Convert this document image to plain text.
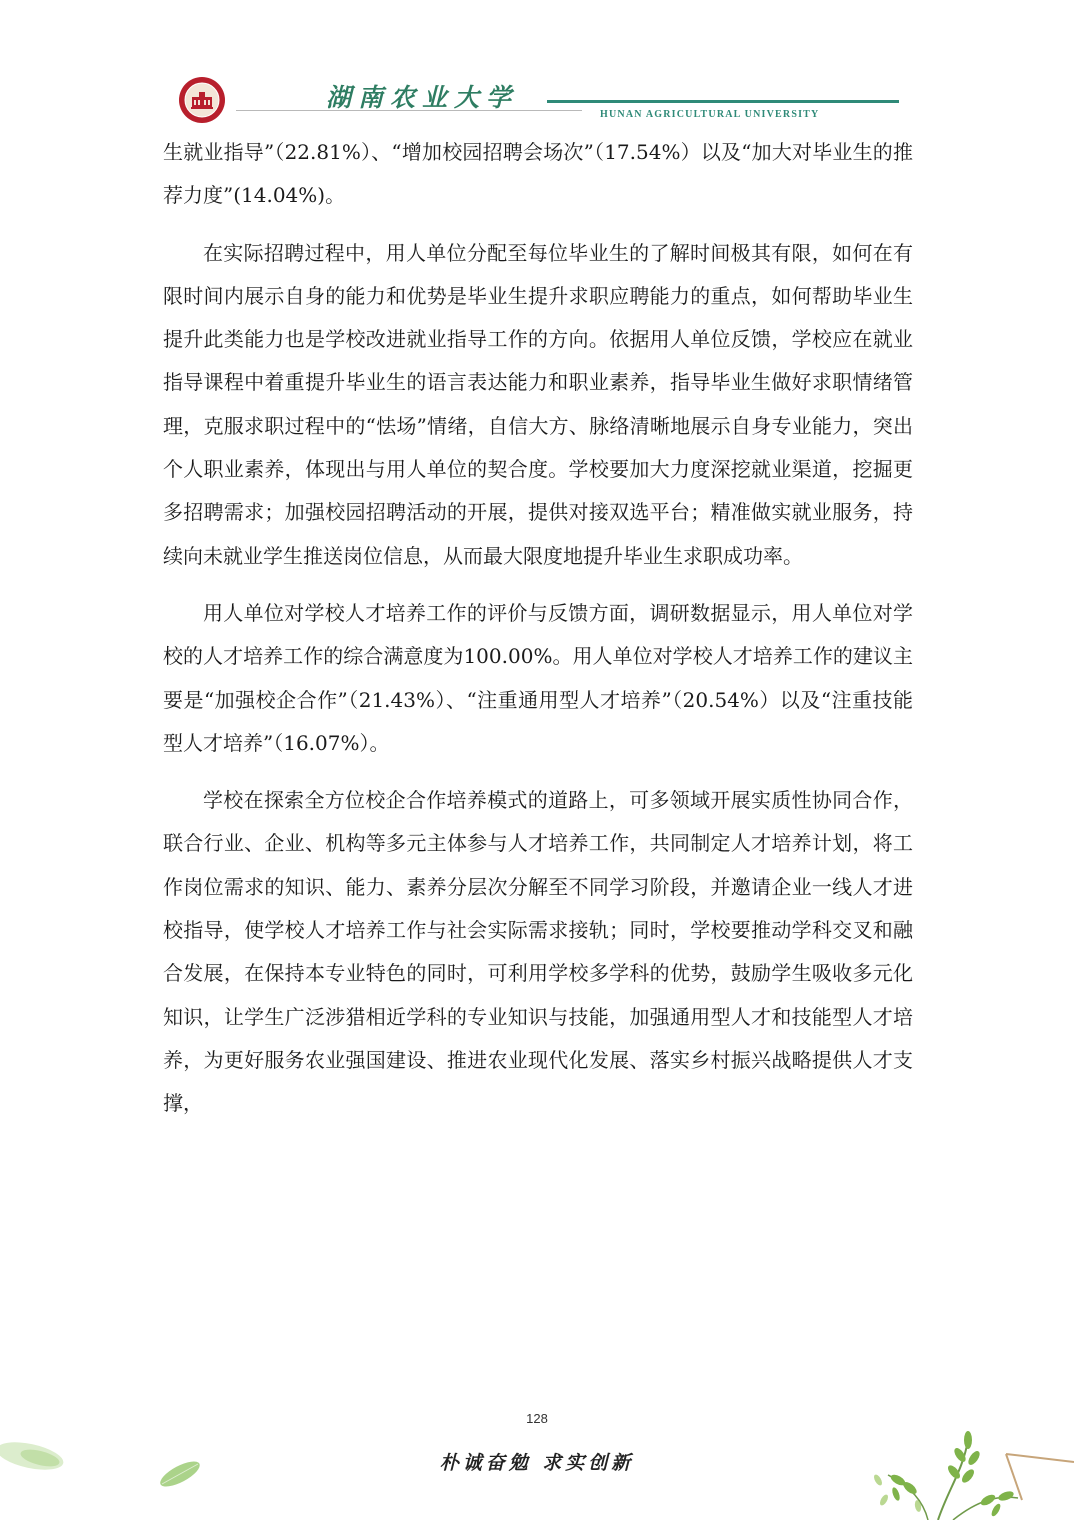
湖南农业大学
HUNAN AGRICULTURAL UNIVERSITY

生就业指导”（22.81%）、“增加校园招聘会场次”（17.54%）以及“加大对毕业生的推荐力度”(14.04%)。

在实际招聘过程中，用人单位分配至每位毕业生的了解时间极其有限，如何在有限时间内展示自身的能力和优势是毕业生提升求职应聘能力的重点，如何帮助毕业生提升此类能力也是学校改进就业指导工作的方向。依据用人单位反馈，学校应在就业指导课程中着重提升毕业生的语言表达能力和职业素养，指导毕业生做好求职情绪管理，克服求职过程中的“怯场”情绪，自信大方、脉络清晰地展示自身专业能力，突出个人职业素养，体现出与用人单位的契合度。学校要加大力度深挖就业渠道，挖掘更多招聘需求；加强校园招聘活动的开展，提供对接双选平台；精准做实就业服务，持续向未就业学生推送岗位信息，从而最大限度地提升毕业生求职成功率。

用人单位对学校人才培养工作的评价与反馈方面，调研数据显示，用人单位对学校的人才培养工作的综合满意度为100.00%。用人单位对学校人才培养工作的建议主要是“加强校企合作”（21.43%）、“注重通用型人才培养”（20.54%）以及“注重技能型人才培养”（16.07%）。

学校在探索全方位校企合作培养模式的道路上，可多领域开展实质性协同合作，联合行业、企业、机构等多元主体参与人才培养工作，共同制定人才培养计划，将工作岗位需求的知识、能力、素养分层次分解至不同学习阶段，并邀请企业一线人才进校指导，使学校人才培养工作与社会实际需求接轨；同时，学校要推动学科交叉和融合发展，在保持本专业特色的同时，可利用学校多学科的优势，鼓励学生吸收多元化知识，让学生广泛涉猎相近学科的专业知识与技能，加强通用型人才和技能型人才培养，为更好服务农业强国建设、推进农业现代化发展、落实乡村振兴战略提供人才支撑，

128
朴诚奋勉 求实创新
